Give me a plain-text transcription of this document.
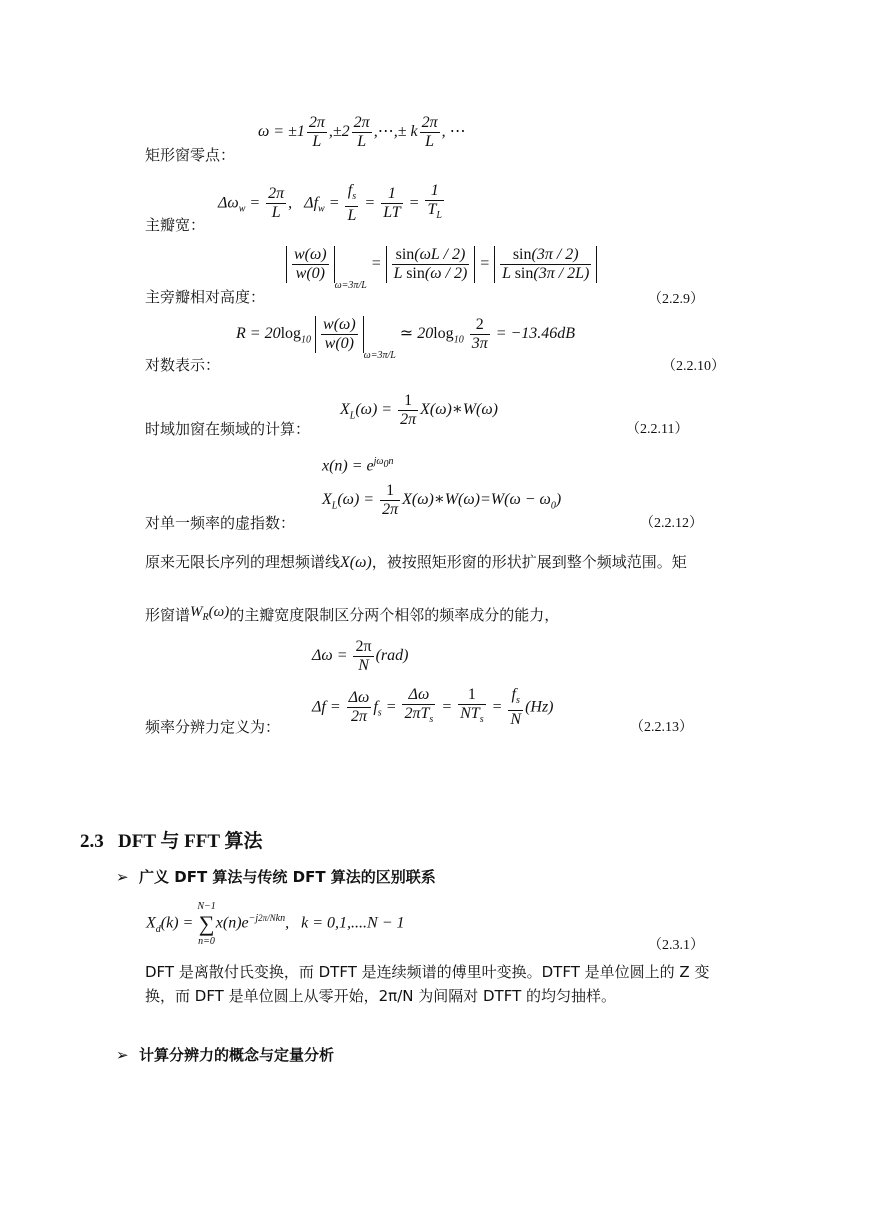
矩形窗零点：
$\omega = \pm 1 \frac{2\pi}{L} ,\pm 2 \frac{2\pi}{L}$ ,⋯,± k $\frac{2\pi}{L}$ , ⋯
主瓣宽：
$\Delta\omega_w = \frac{2\pi}{L}$ ,   $\Delta f_w = \frac{f_s}{L} = \frac{1}{LT} = \frac{1}{T_L}$
主旁瓣相对高度：
$\frac{w(\omega)}{w(0)}$
$_{\omega=3\pi/L} = \frac{\sin(\omega L / 2)}{\text{L sin(ω / 2)}} = \frac{\sin(3\pi / 2)}{\text{L sin(3π / 2L)}}$
（2.2.9）
对数表示：
$R = 20\log_{10} \frac{w(\omega)}{w(0)}$
$_{\omega=3\pi/L}$ ≃ $20\log_{10} \frac{2}{3\pi} = -13.46dB$
（2.2.10）
时域加窗在频域的计算：
$X_L(\omega) = \frac{1}{2\pi}$ X(ω)∗W(ω)
（2.2.11）
$x(n) = e^{j\omega_0n}$
对单一频率的虚指数：
$X_L(\omega) = \frac{1}{2\pi}$ X(ω)∗W(ω)=W(ω − $\omega_0$)
（2.2.12）
原来无限长序列的理想频谱线X(ω)，被按照矩形窗的形状扩展到整个频域范围。矩
形窗谱$W_R(\omega)$的主瓣宽度限制区分两个相邻的频率成分的能力，
$\Delta\omega = \frac{2\pi}{N} (rad)$
频率分辨力定义为：
$\Delta f = \frac{\Delta\omega}{2\pi} f_s = \frac{\Delta\omega}{2\pi T_s} = \frac{1}{NT_s} = \frac{f_s}{N} (Hz)$
（2.2.13）
2.3 DFT 与 FFT 算法
➢ 广义 DFT 算法与传统 DFT 算法的区别联系
$X_d(k)$ =
N−1
∑
n=0
$x(n)e^{-j2\pi/Nkn}$,   k = 0,1,....N − 1
（2.3.1）
DFT 是离散付氏变换，而 DTFT 是连续频谱的傅里叶变换。DTFT 是单位圆上的 Z 变
换，而 DFT 是单位圆上从零开始，2π/N 为间隔对 DTFT 的均匀抽样。
➢ 计算分辨力的概念与定量分析
